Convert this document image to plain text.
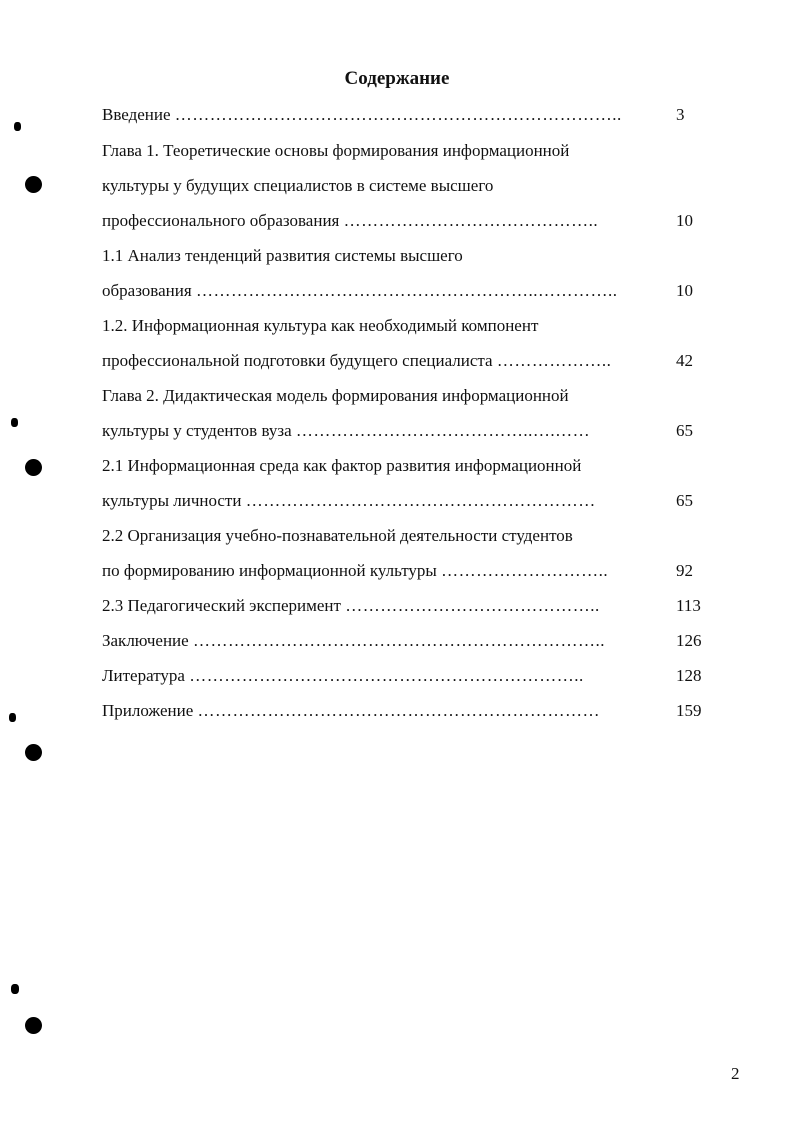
Содержание
Введение …………………………………………………………………..	3
Глава 1. Теоретические основы формирования информационной
культуры у будущих специалистов в системе высшего
профессионального образования ……………………………………..	10
1.1 Анализ тенденций развития системы высшего
образования …………………………………………………..…………..	10
1.2. Информационная культура как необходимый компонент
профессиональной подготовки будущего специалиста ………………..	42
Глава 2. Дидактическая модель формирования информационной
культуры у студентов вуза …………………………………..….……	65
2.1 Информационная среда как фактор развития информационной
культуры личности ……………………………………………………	65
2.2 Организация учебно-познавательной деятельности студентов
по формированию информационной культуры ………………………..	92
2.3 Педагогический эксперимент ……………………………………..	113
Заключение ……………………………………………………………..	126
Литература …………………………………………………………..	128
Приложение ……………………………………………………………	159
2
